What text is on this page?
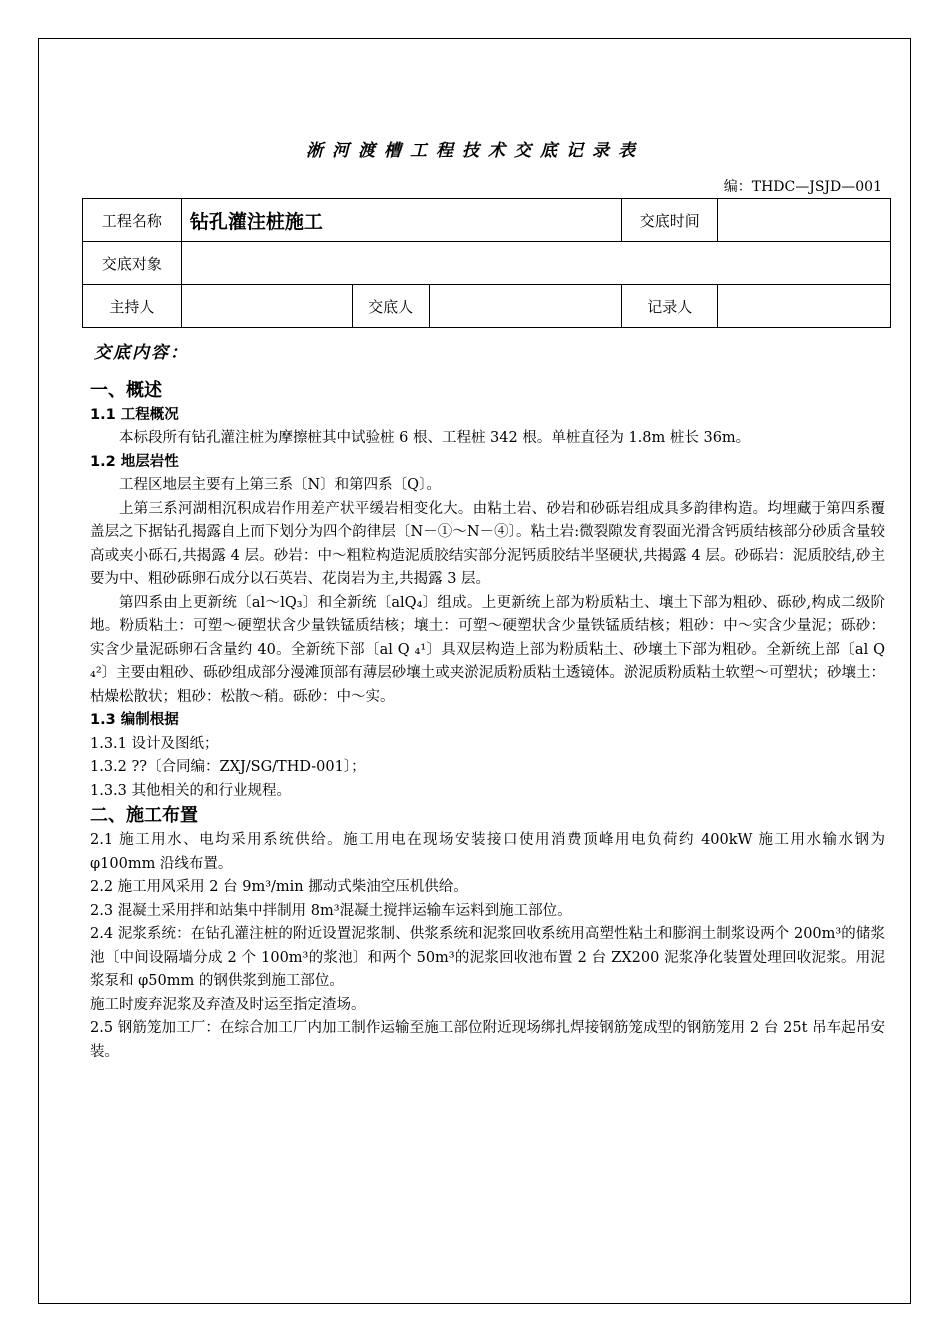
淅河渡槽工程技术交底记录表
编：THDC—JSJD—001
工程名称	钻孔灌注桩施工			交底时间	
交底对象					
主持人		交底人		记录人	

交底内容：

一、概述

1.1 工程概况

本标段所有钻孔灌注桩为摩擦桩其中试验桩 6 根、工程桩 342 根。单桩直径为 1.8m 桩长 36m。

1.2 地层岩性

工程区地层主要有上第三系〔N〕和第四系〔Q〕。

上第三系河湖相沉积成岩作用差产状平缓岩相变化大。由粘土岩、砂岩和砂砾岩组成具多韵律构造。均埋藏于第四系覆盖层之下据钻孔揭露自上而下划分为四个韵律层〔N－①～N－④〕。粘土岩:微裂隙发育裂面光滑含钙质结核部分砂质含量较高或夹小砾石,共揭露 4 层。砂岩：中～粗粒构造泥质胶结实部分泥钙质胶结半坚硬状,共揭露 4 层。砂砾岩：泥质胶结,砂主要为中、粗砂砾卵石成分以石英岩、花岗岩为主,共揭露 3 层。

第四系由上更新统〔al～lQ₃〕和全新统〔alQ₄〕组成。上更新统上部为粉质粘土、壤土下部为粗砂、砾砂,构成二级阶地。粉质粘土：可塑～硬塑状含少量铁锰质结核；壤土：可塑～硬塑状含少量铁锰质结核；粗砂：中～实含少量泥；砾砂：实含少量泥砾卵石含量约 40。全新统下部〔al Q ₄¹〕具双层构造上部为粉质粘土、砂壤土下部为粗砂。全新统上部〔al Q ₄²〕主要由粗砂、砾砂组成部分漫滩顶部有薄层砂壤土或夹淤泥质粉质粘土透镜体。淤泥质粉质粘土软塑～可塑状；砂壤土：枯燥松散状；粗砂：松散～稍。砾砂：中～实。

1.3 编制根据

1.3.1 设计及图纸；

1.3.2 ??〔合同编：ZXJ/SG/THD-001〕；

1.3.3 其他相关的和行业规程。

二、施工布置

2.1 施工用水、电均采用系统供给。施工用电在现场安装接口使用消费顶峰用电负荷约 400kW 施工用水输水钢为 φ100mm 沿线布置。

2.2 施工用风采用 2 台 9m³/min 挪动式柴油空压机供给。

2.3 混凝土采用拌和站集中拌制用 8m³混凝土搅拌运输车运料到施工部位。

2.4 泥浆系统：在钻孔灌注桩的附近设置泥浆制、供浆系统和泥浆回收系统用高塑性粘土和膨润土制浆设两个 200m³的储浆池〔中间设隔墙分成 2 个 100m³的浆池〕和两个 50m³的泥浆回收池布置 2 台 ZX200 泥浆净化装置处理回收泥浆。用泥浆泵和 φ50mm 的钢供浆到施工部位。

施工时废弃泥浆及弃渣及时运至指定渣场。

2.5 钢筋笼加工厂：在综合加工厂内加工制作运输至施工部位附近现场绑扎焊接钢筋笼成型的钢筋笼用 2 台 25t 吊车起吊安装。
